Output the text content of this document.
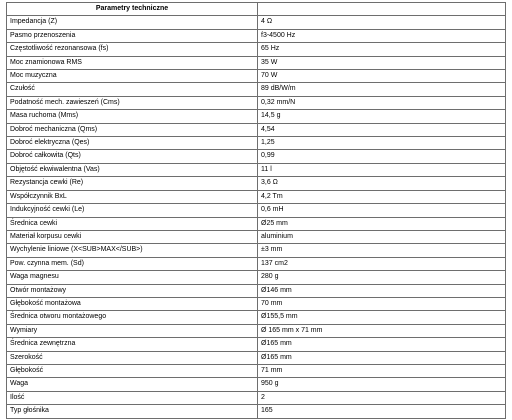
Parametry techniczne	
Impedancja (Z)	4 Ω
Pasmo przenoszenia	f3-4500 Hz
Częstotliwość rezonansowa (fs)	65 Hz
Moc znamionowa RMS	35 W
Moc muzyczna	70 W
Czułość	89 dB/W/m
Podatność mech. zawieszeń (Cms)	0,32 mm/N
Masa ruchoma (Mms)	14,5 g
Dobroć mechaniczna (Qms)	4,54
Dobroć elektryczna (Qes)	1,25
Dobroć całkowita (Qts)	0,99
Objętość ekwiwalentna (Vas)	11 l
Rezystancja cewki (Re)	3,6 Ω
Współczynnik BxL	4,2 Tm
Indukcyjność cewki (Le)	0,6 mH
Średnica cewki	Ø25 mm
Materiał korpusu cewki	aluminium
Wychylenie liniowe (X<SUB>MAX</SUB>)	±3 mm
Pow. czynna mem. (Sd)	137 cm2
Waga magnesu	280 g
Otwór montażowy	Ø146 mm
Głębokość montażowa	70 mm
Średnica otworu montażowego	Ø155,5 mm
Wymiary	Ø 165 mm x 71 mm
Średnica zewnętrzna	Ø165 mm
Szerokość	Ø165 mm
Głębokość	71 mm
Waga	950 g
Ilość	2
Typ głośnika	165
